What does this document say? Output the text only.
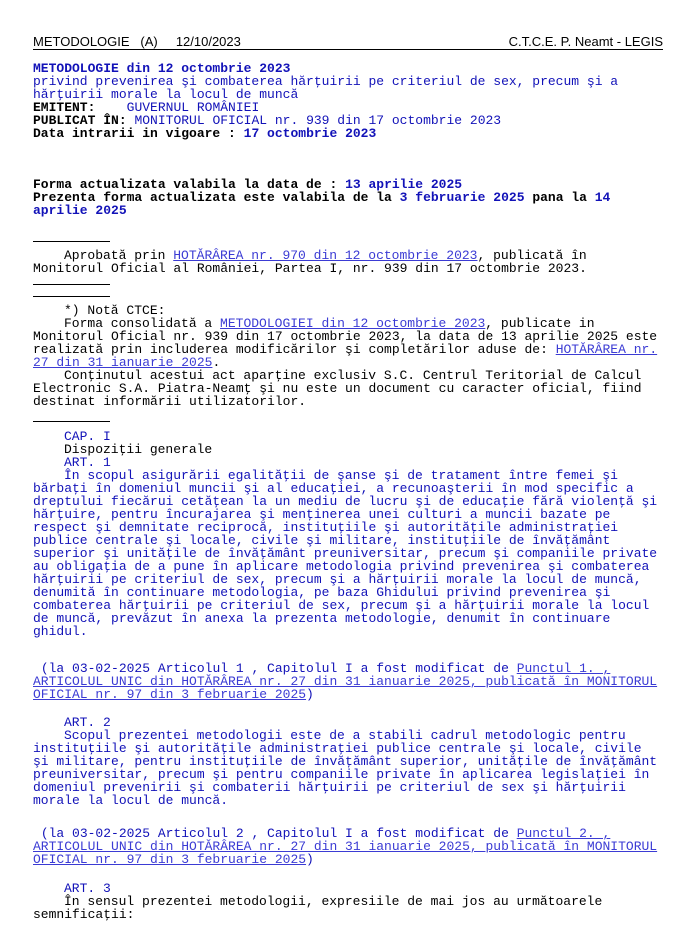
METODOLOGIE (A) 12/10/2023	C.T.C.E. P. Neamt - LEGIS

METODOLOGIE din 12 octombrie 2023

privind prevenirea şi combaterea hărţuirii pe criteriul de sex, precum şi a hărţuirii morale la locul de muncă

EMITENT: GUVERNUL ROMÂNIEI

PUBLICAT ÎN: MONITORUL OFICIAL nr. 939 din 17 octombrie 2023

Data intrarii in vigoare : 17 octombrie 2023

Forma actualizata valabila la data de : 13 aprilie 2025

Prezenta forma actualizata este valabila de la 3 februarie 2025 pana la 14 aprilie 2025

Aprobată prin HOTĂRÂREA nr. 970 din 12 octombrie 2023, publicată în Monitorul Oficial al României, Partea I, nr. 939 din 17 octombrie 2023.

*) Notă CTCE:

Forma consolidată a METODOLOGIEI din 12 octombrie 2023, publicate in Monitorul Oficial nr. 939 din 17 octombrie 2023, la data de 13 aprilie 2025 este realizată prin includerea modificărilor şi completărilor aduse de: HOTĂRÂREA nr. 27 din 31 ianuarie 2025.

Conţinutul acestui act aparţine exclusiv S.C. Centrul Teritorial de Calcul Electronic S.A. Piatra-Neamţ şi nu este un document cu caracter oficial, fiind destinat informării utilizatorilor.

CAP. I

Dispoziţii generale

ART. 1

În scopul asigurării egalităţii de şanse şi de tratament între femei şi bărbaţi în domeniul muncii şi al educaţiei, a recunoaşterii în mod specific a dreptului fiecărui cetăţean la un mediu de lucru şi de educaţie fără violenţă şi hărţuire, pentru încurajarea şi menţinerea unei culturi a muncii bazate pe respect şi demnitate reciprocă, instituţiile şi autorităţile administraţiei publice centrale şi locale, civile şi militare, instituţiile de învăţământ superior şi unităţile de învăţământ preuniversitar, precum şi companiile private au obligaţia de a pune în aplicare metodologia privind prevenirea şi combaterea hărţuirii pe criteriul de sex, precum şi a hărţuirii morale la locul de muncă, denumită în continuare metodologia, pe baza Ghidului privind prevenirea şi combaterea hărţuirii pe criteriul de sex, precum şi a hărţuirii morale la locul de muncă, prevăzut în anexa la prezenta metodologie, denumit în continuare ghidul.

(la 03-02-2025 Articolul 1 , Capitolul I a fost modificat de Punctul 1. , ARTICOLUL UNIC din HOTĂRÂREA nr. 27 din 31 ianuarie 2025, publicată în MONITORUL OFICIAL nr. 97 din 3 februarie 2025)

ART. 2

Scopul prezentei metodologii este de a stabili cadrul metodologic pentru instituţiile şi autorităţile administraţiei publice centrale şi locale, civile şi militare, pentru instituţiile de învăţământ superior, unităţile de învăţământ preuniversitar, precum şi pentru companiile private în aplicarea legislaţiei în domeniul prevenirii şi combaterii hărţuirii pe criteriul de sex şi hărţuirii morale la locul de muncă.

(la 03-02-2025 Articolul 2 , Capitolul I a fost modificat de Punctul 2. , ARTICOLUL UNIC din HOTĂRÂREA nr. 27 din 31 ianuarie 2025, publicată în MONITORUL OFICIAL nr. 97 din 3 februarie 2025)

ART. 3

În sensul prezentei metodologii, expresiile de mai jos au următoarele semnificaţii:
